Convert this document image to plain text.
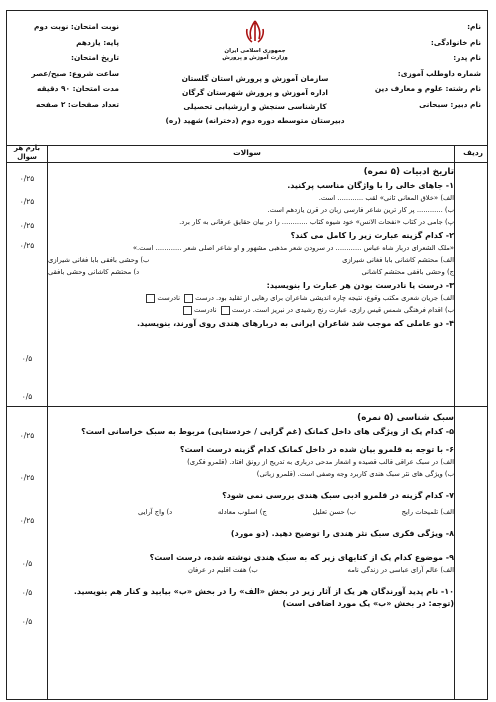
نام:
نام خانوادگی:
نام پدر:
شماره داوطلب آموزی:
نام رشته: علوم و معارف دین
نام دبیر: سبحانی
جمهوری اسلامی ایران
وزارت آموزش و پرورش
سازمان آموزش و پرورش استان گلستان
اداره آموزش و پرورش شهرستان گرگان
کارشناسی سنجش و ارزشیابی تحصیلی
دبیرستان متوسطه دوره دوم (دخترانه) شهید (ره)
نوبت امتحان: نوبت دوم
پایه: یازدهم
تاریخ امتحان:
ساعت شروع: صبح/عصر
مدت امتحان: ۹۰ دقیقه
تعداد صفحات: ۲ صفحه
ردیف
سوالات
بارم هر سوال
تاریخ ادبیات (۵ نمره)
۱- جاهای خالی را با واژگان مناسب پرکنید.
الف) «خلاق المعانی ثانی» لقب ............ است.
ب) ............ پر کار ترین شاعر فارسی زبان در قرن یازدهم است.
پ) جامی در کتاب «نفحات الانس» خود شیوه کتاب ............ را در بیان حقایق عرفانی به کار برد.
۲- کدام گزینه عبارت زیر را کامل می کند؟
«ملک الشعرای دربار شاه عباس ............ در سرودن شعر مذهبی مشهور و او شاعر اصلی شعر ............ است.»
الف) محتشم کاشانی بابا فغانی شیرازی
ب) وحشی بافقی بابا فغانی شیرازی
ج) وحشی بافقی محتشم کاشانی
د) محتشم کاشانی وحشی بافقی
۳- درست یا نادرست بودن هر عبارت را بنویسید:
الف) جریان شعری مکتب وقوع، نتیجه چاره اندیشی شاعران برای رهایی از تقلید بود. درست نادرست
ب) اقدام فرهنگی شمس قیس رازی، عبارت رنج رشیدی در نبریز است. درست نادرست
۴- دو عاملی که موجب شد شاعران ایرانی به دربارهای هندی روی آورند، بنویسید.
سبک شناسی (۵ نمره)
۵- کدام یک از ویژگی های داخل کمانک (غم گرایی / خردستایی) مربوط به سبک خراسانی است؟
۶- با توجه به قلمرو بیان شده در داخل کمانک کدام گزینه درست است؟
الف) در سبک عراقی قالب قصیده و اشعار مدحی درباری به تدریج از رونق افتاد. (قلمرو فکری)
ب) ویژگی های نثر سبک هندی کاربرد وجه وصفی است. (قلمرو زبانی)
۷- کدام گزینه در قلمرو ادبی سبک هندی بررسی نمی شود؟
الف) تلمیحات رایج
ب) حسن تعلیل
ج) اسلوب معادله
د) واج آرایی
۸- ویژگی فکری سبک نثر هندی را توضیح دهید. (دو مورد)
۹- موضوع کدام یک از کتابهای زیر که به سبک هندی نوشته شده، درست است؟
الف) عالم آرای عباسی در زندگی نامه
ب) هفت اقلیم در عرفان
۱۰- نام پدید آورندگان هر یک از آثار زیر در بخش «الف» را در بخش «ب» بیابید و کنار هم بنویسید.
(توجه: در بخش «ب» یک مورد اضافی است)
۰/۲۵
۰/۲۵
۰/۲۵
۰/۲۵
۰/۵
۰/۵
۰/۲۵
۰/۲۵
۰/۲۵
۰/۵
۰/۵
۰/۵
